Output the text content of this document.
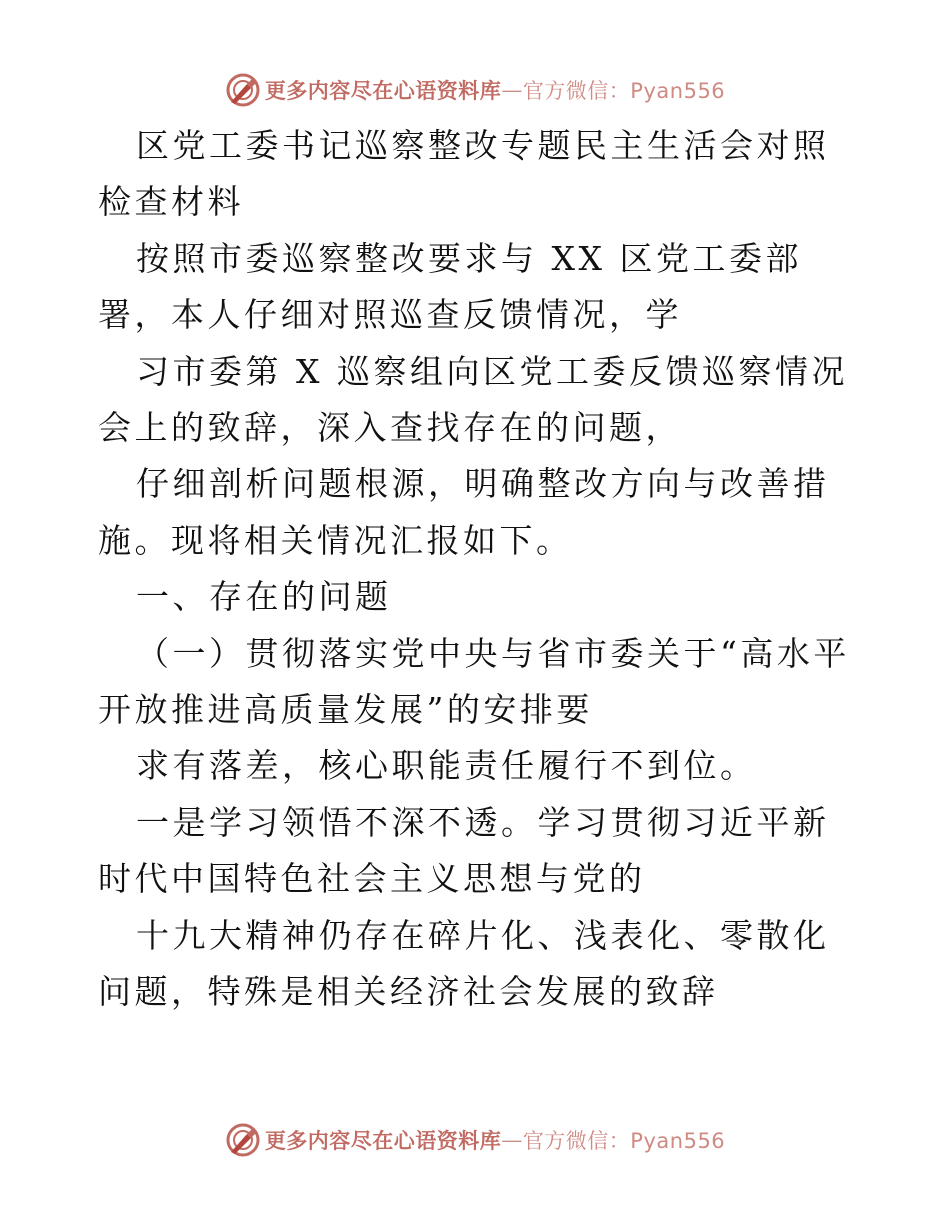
更多内容尽在心语资料库 — 官方微信：Pyan556

区党工委书记巡察整改专题民主生活会对照检查材料

按照市委巡察整改要求与 XX 区党工委部署，本人仔细对照巡查反馈情况，学

习市委第 X 巡察组向区党工委反馈巡察情况会上的致辞，深入查找存在的问题，

仔细剖析问题根源，明确整改方向与改善措施。现将相关情况汇报如下。

一、存在的问题

（一）贯彻落实党中央与省市委关于“高水平开放推进高质量发展”的安排要

求有落差，核心职能责任履行不到位。

一是学习领悟不深不透。学习贯彻习近平新时代中国特色社会主义思想与党的

十九大精神仍存在碎片化、浅表化、零散化问题，特殊是相关经济社会发展的致辞

更多内容尽在心语资料库 — 官方微信：Pyan556
